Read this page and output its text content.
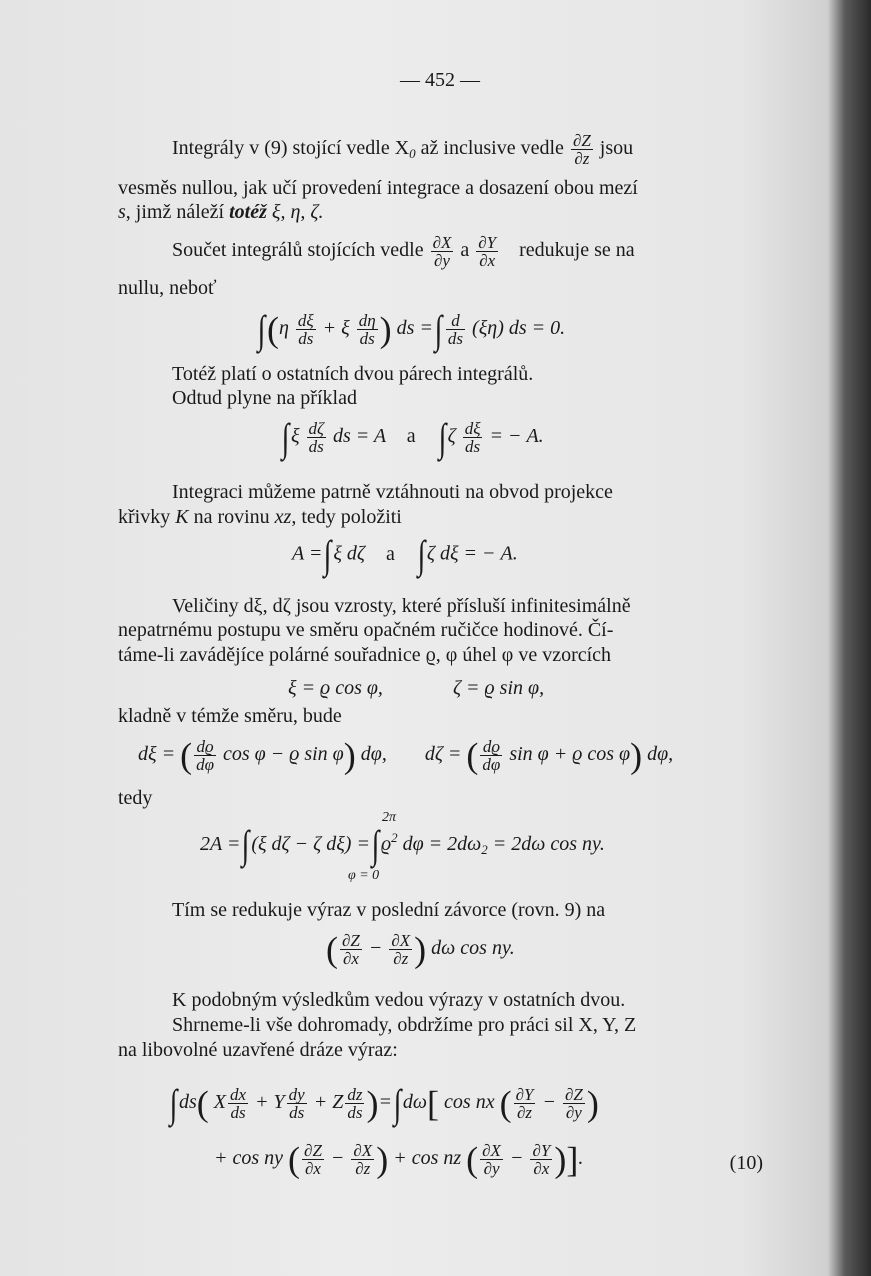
— 452 —
Integrály v (9) stojící vedle $X_0$ až inclusive vedle $\frac{\partial Z}{\partial z}$ jsou
vesměs nullou, jak učí provedení integrace a dosazení obou mezí
s, jimž náleží totéž ξ, η, ζ.
Součet integrálů stojících vedle $\frac{\partial X}{\partial y}$ a $\frac{\partial Y}{\partial x}$ redukuje se na
nullu, neboť
$\int(\eta \frac{d\xi}{ds} + \xi \frac{d\eta}{ds}$ ) ds =∫ $\frac{d}{ds} (\xi\eta)$ ds = 0.
Totéž platí o ostatních dvou párech integrálů.
Odtud plyne na příklad
$\int\xi \frac{d\zeta}{ds}$ ds = A a $\int\zeta \frac{d\xi}{ds}$ = − A.
Integraci můžeme patrně vztáhnouti na obvod projekce
křivky K na rovinu xz, tedy položiti
A =∫ξ dζ a ∫ζ dξ = − A.
Veličiny dξ, dζ jsou vzrosty, které přísluší infinitesimálně
nepatrnému postupu ve směru opačném ručičce hodinové. Čí-
táme-li zavádějíce polárné souřadnice ϱ, φ úhel φ ve vzorcích
ξ = ϱ cos φ,	ζ = ϱ sin φ,
kladně v témže směru, bude
dξ = ( $\frac{dϱ}{d\varphi}$ cos φ − ϱ sin φ) dφ, dζ = ( $\frac{dϱ}{d\varphi}$ sin φ + ϱ cos φ) dφ,
tedy
2A =∫(ξ dζ − ζ dξ) =∫
2π
φ = 0
$ϱ^2$ $d\varphi = 2d\omega_2 = 2d\omega$ cos ny.
Tím se redukuje výraz v poslední závorce (rovn. 9) na
( $\frac{\partial Z}{\partial x} - \frac{\partial X}{\partial z}$ ) dω cos ny.
K podobným výsledkům vedou výrazy v ostatních dvou.
Shrneme-li vše dohromady, obdržíme pro práci sil X, Y, Z
na libovolné uzavřené dráze výraz:
∫ds( X $\frac{dx}{ds} + Y \frac{dy}{ds} + Z \frac{dz}{ds} )=\int d\omega$[ cos nx ( $\frac{\partial Y}{\partial z} - \frac{\partial Z}{\partial y}$ )
+ cos ny ( $\frac{\partial Z}{\partial x} - \frac{\partial X}{\partial z}$ ) + cos nz ( $\frac{\partial X}{\partial y} - \frac{\partial Y}{\partial x}$ )].	(10)
